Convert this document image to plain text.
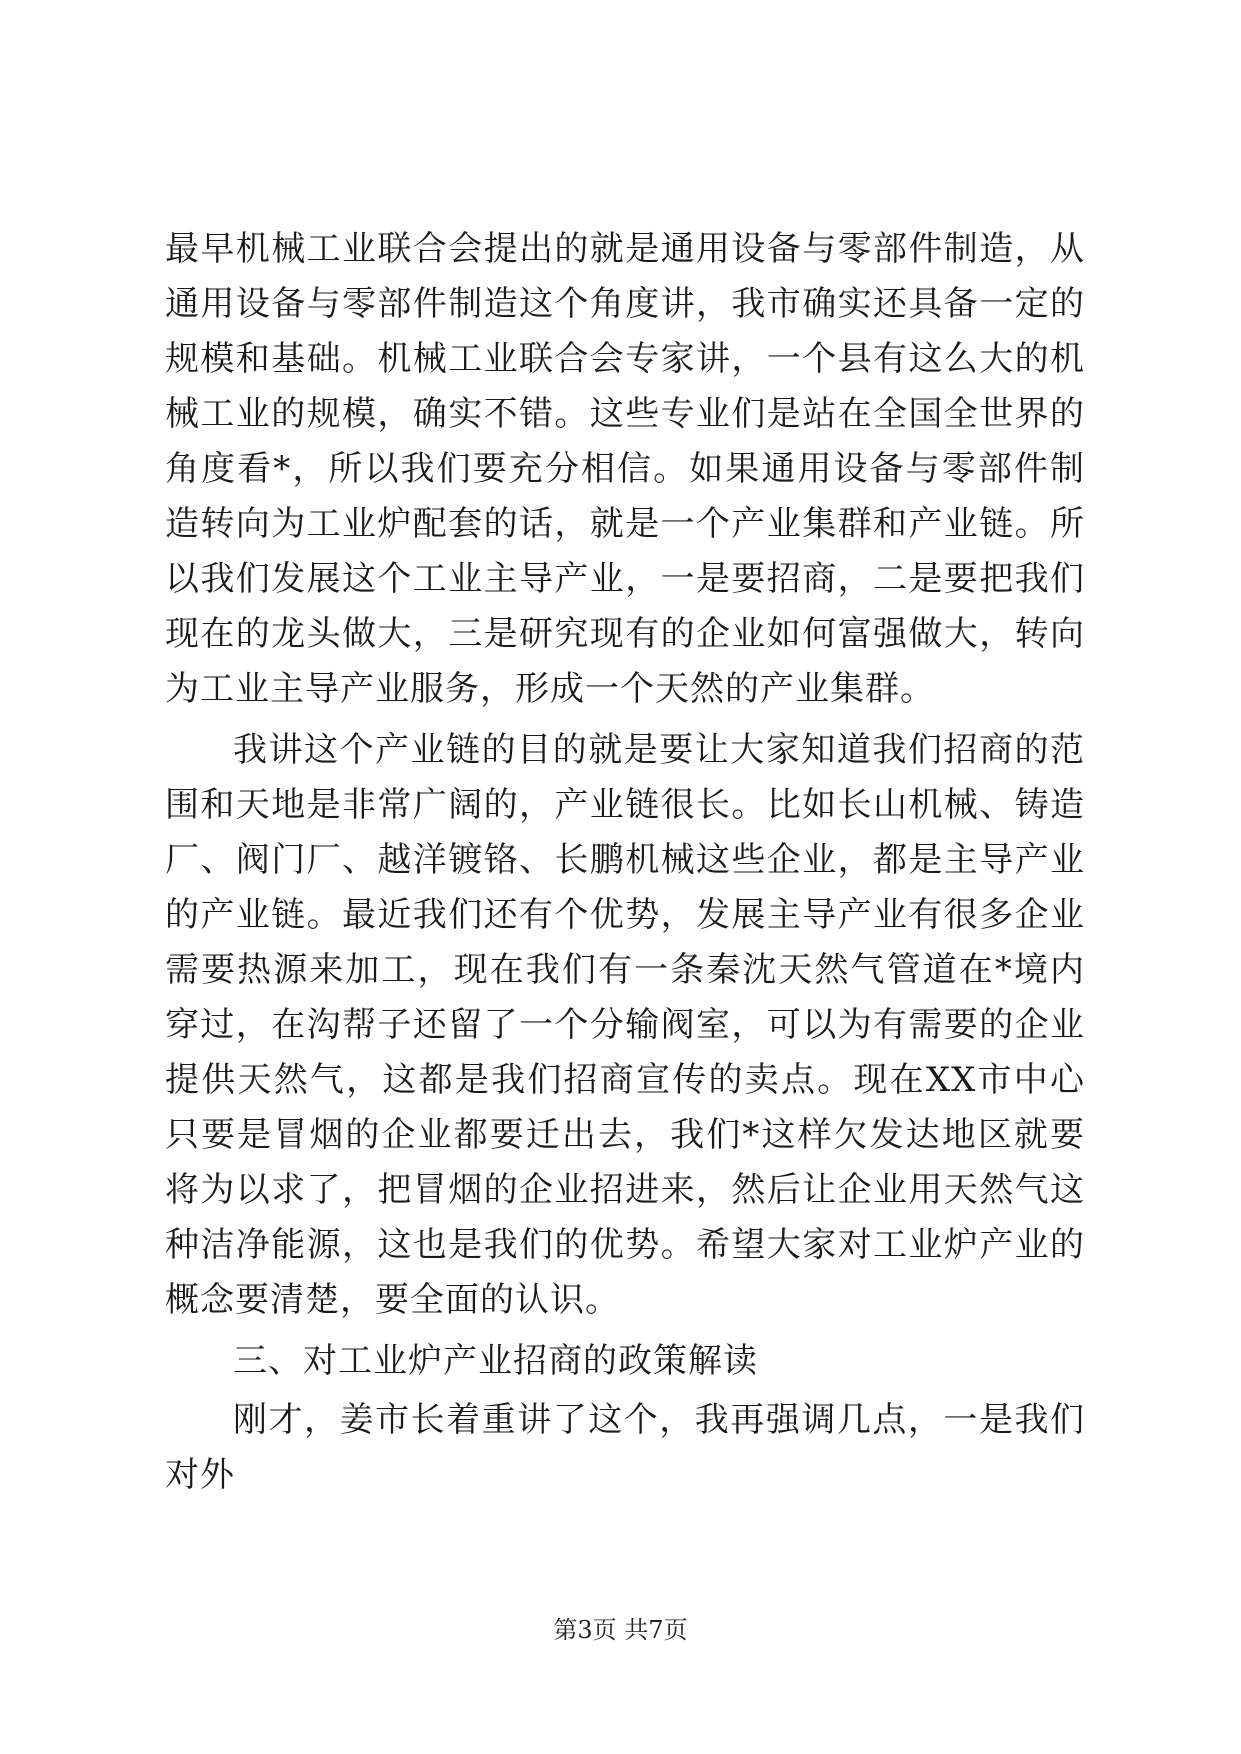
最早机械工业联合会提出的就是通用设备与零部件制造，从通用设备与零部件制造这个角度讲，我市确实还具备一定的规模和基础。机械工业联合会专家讲，一个县有这么大的机械工业的规模，确实不错。这些专业们是站在全国全世界的角度看*，所以我们要充分相信。如果通用设备与零部件制造转向为工业炉配套的话，就是一个产业集群和产业链。所以我们发展这个工业主导产业，一是要招商，二是要把我们现在的龙头做大，三是研究现有的企业如何富强做大，转向为工业主导产业服务，形成一个天然的产业集群。

我讲这个产业链的目的就是要让大家知道我们招商的范围和天地是非常广阔的，产业链很长。比如长山机械、铸造厂、阀门厂、越洋镀铬、长鹏机械这些企业，都是主导产业的产业链。最近我们还有个优势，发展主导产业有很多企业需要热源来加工，现在我们有一条秦沈天然气管道在*境内穿过，在沟帮子还留了一个分输阀室，可以为有需要的企业提供天然气，这都是我们招商宣传的卖点。现在XX市中心只要是冒烟的企业都要迁出去，我们*这样欠发达地区就要将为以求了，把冒烟的企业招进来，然后让企业用天然气这种洁净能源，这也是我们的优势。希望大家对工业炉产业的概念要清楚，要全面的认识。

三、对工业炉产业招商的政策解读

刚才，姜市长着重讲了这个，我再强调几点，一是我们对外

第3页 共7页
